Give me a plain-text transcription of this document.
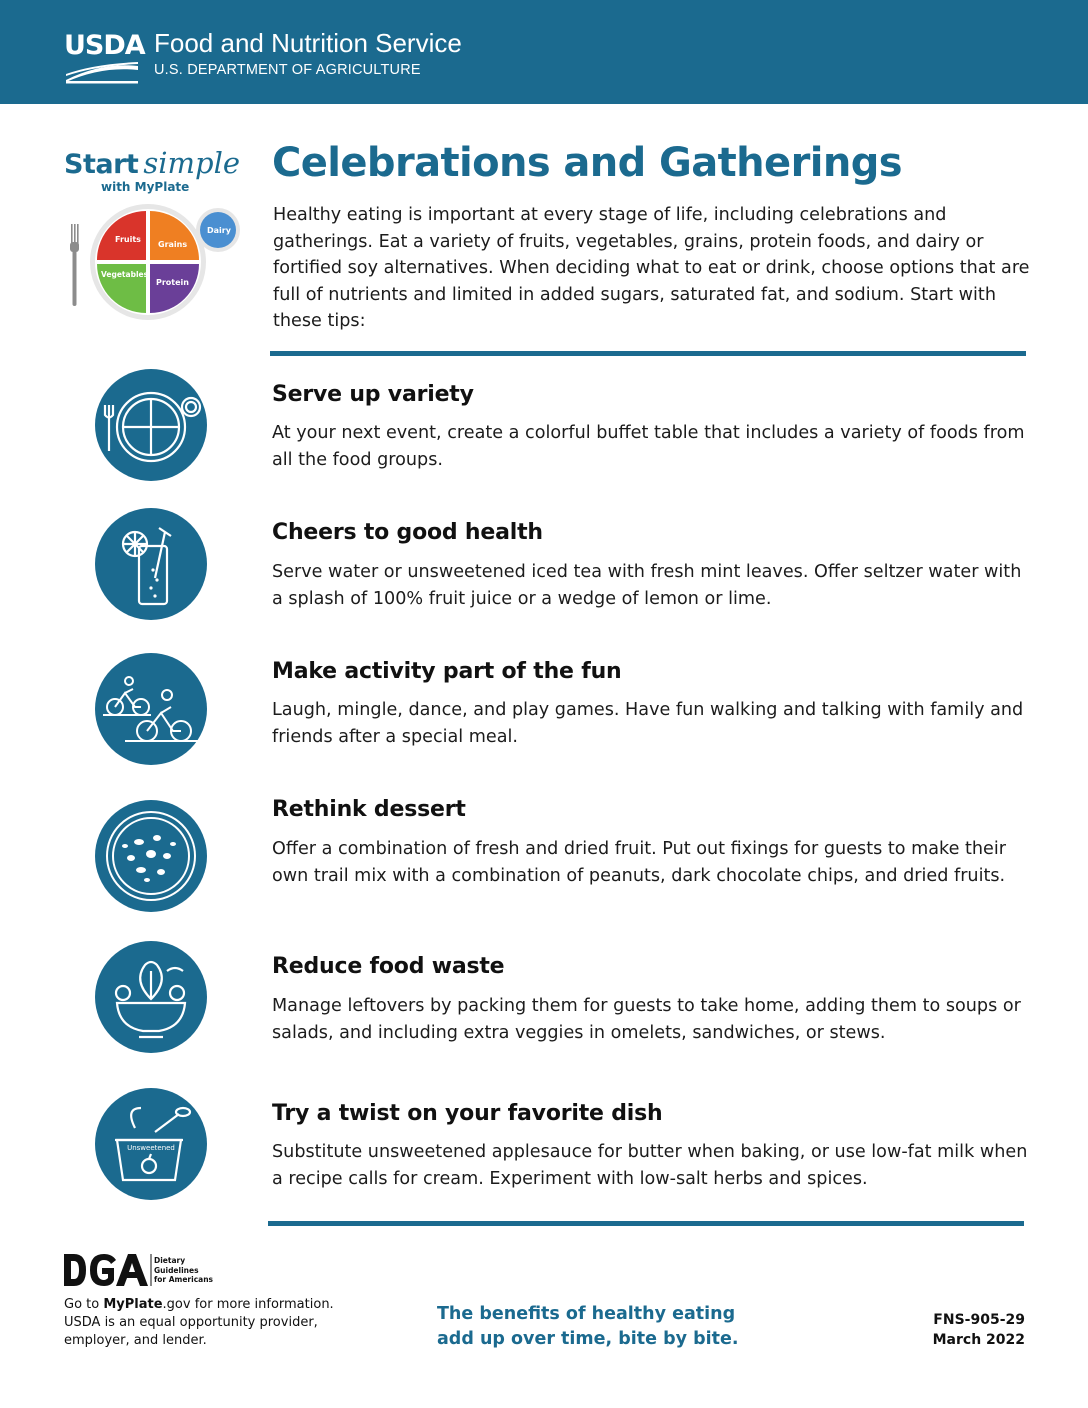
USDA Food and Nutrition Service
U.S. DEPARTMENT OF AGRICULTURE
Start simple
with MyPlate
Fruits
Grains
Vegetables
Protein
Dairy
Celebrations and Gatherings

Healthy eating is important at every stage of life, including celebrations and gatherings. Eat a variety of fruits, vegetables, grains, protein foods, and dairy or fortified soy alternatives. When deciding what to eat or drink, choose options that are full of nutrients and limited in added sugars, saturated fat, and sodium. Start with these tips:

Serve up variety
At your next event, create a colorful buffet table that includes a variety of foods from all the food groups.
Cheers to good health
Serve water or unsweetened iced tea with fresh mint leaves. Offer seltzer water with a splash of 100% fruit juice or a wedge of lemon or lime.
Make activity part of the fun
Laugh, mingle, dance, and play games. Have fun walking and talking with family and friends after a special meal.
Rethink dessert
Offer a combination of fresh and dried fruit. Put out fixings for guests to make their own trail mix with a combination of peanuts, dark chocolate chips, and dried fruits.
Reduce food waste
Manage leftovers by packing them for guests to take home, adding them to soups or salads, and including extra veggies in omelets, sandwiches, or stews.
Unsweetened
Try a twist on your favorite dish
Substitute unsweetened applesauce for butter when baking, or use low-fat milk when a recipe calls for cream. Experiment with low-salt herbs and spices.
Dietary
Guidelines
for Americans
Go to MyPlate.gov for more information.
USDA is an equal opportunity provider,
employer, and lender.
The benefits of healthy eating
add up over time, bite by bite.
FNS-905-29
March 2022
